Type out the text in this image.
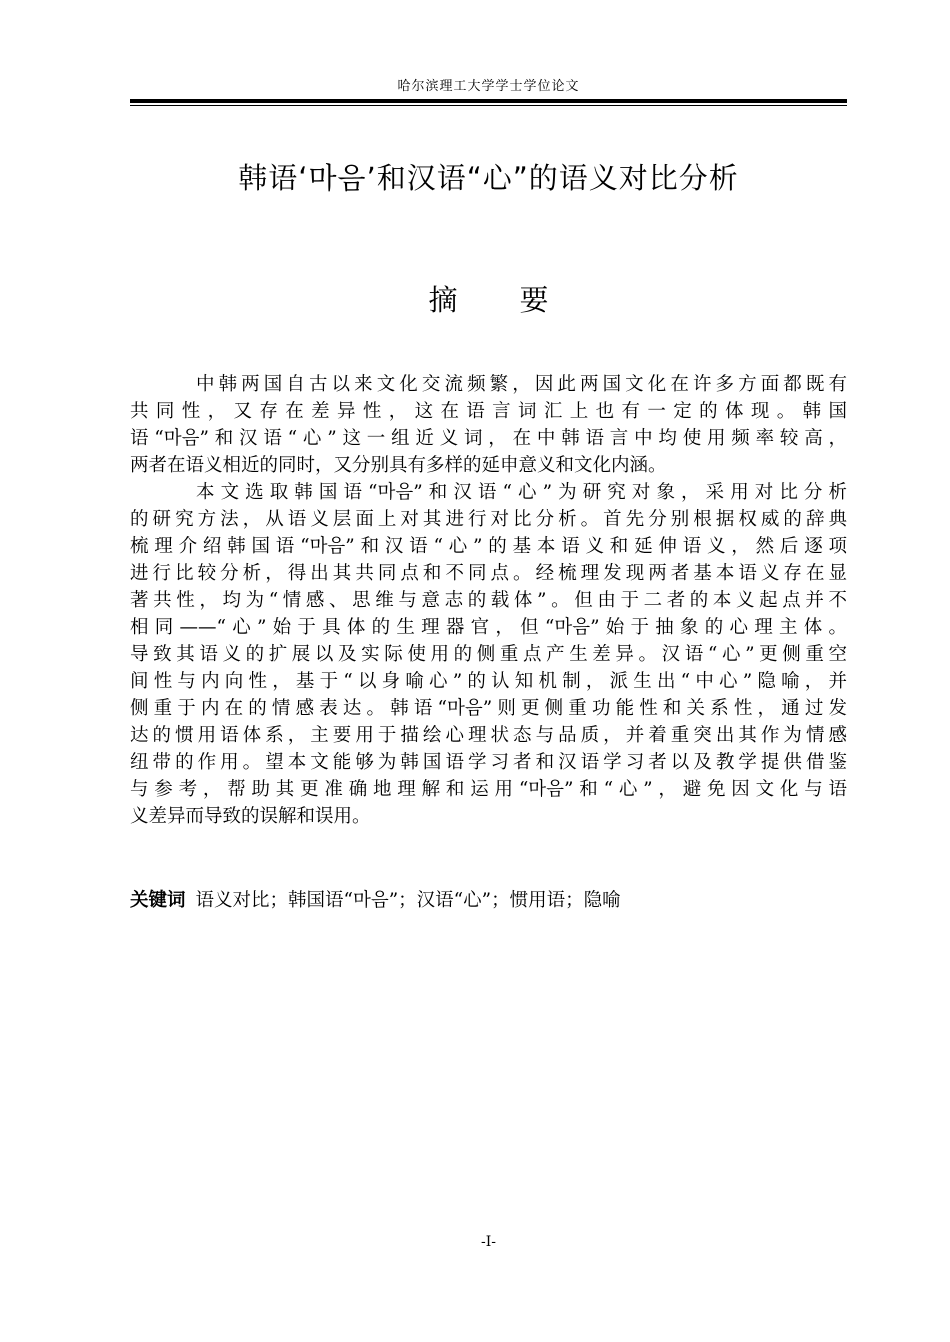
哈尔滨理工大学学士学位论文
韩语‘마음’和汉语“心”的语义对比分析
摘要
中韩两国自古以来文化交流频繁，因此两国文化在许多方面都既有
共同性，又存在差异性，这在语言词汇上也有一定的体现。韩国
语“마음”和汉语“心”这一组近义词，在中韩语言中均使用频率较高，
两者在语义相近的同时，又分别具有多样的延申意义和文化内涵。
本文选取韩国语“마음”和汉语“心”为研究对象，采用对比分析
的研究方法，从语义层面上对其进行对比分析。首先分别根据权威的辞典
梳理介绍韩国语“마음”和汉语“心”的基本语义和延伸语义，然后逐项
进行比较分析，得出其共同点和不同点。经梳理发现两者基本语义存在显
著共性，均为“情感、思维与意志的载体”。但由于二者的本义起点并不
相同——“心”始于具体的生理器官，但“마음”始于抽象的心理主体。
导致其语义的扩展以及实际使用的侧重点产生差异。汉语“心”更侧重空
间性与内向性，基于“以身喻心”的认知机制，派生出“中心”隐喻，并
侧重于内在的情感表达。韩语“마음”则更侧重功能性和关系性，通过发
达的惯用语体系，主要用于描绘心理状态与品质，并着重突出其作为情感
纽带的作用。望本文能够为韩国语学习者和汉语学习者以及教学提供借鉴
与参考，帮助其更准确地理解和运用“마음”和“心”，避免因文化与语
义差异而导致的误解和误用。
关键词 语义对比；韩国语“마음”；汉语“心”；惯用语；隐喻
-I-
